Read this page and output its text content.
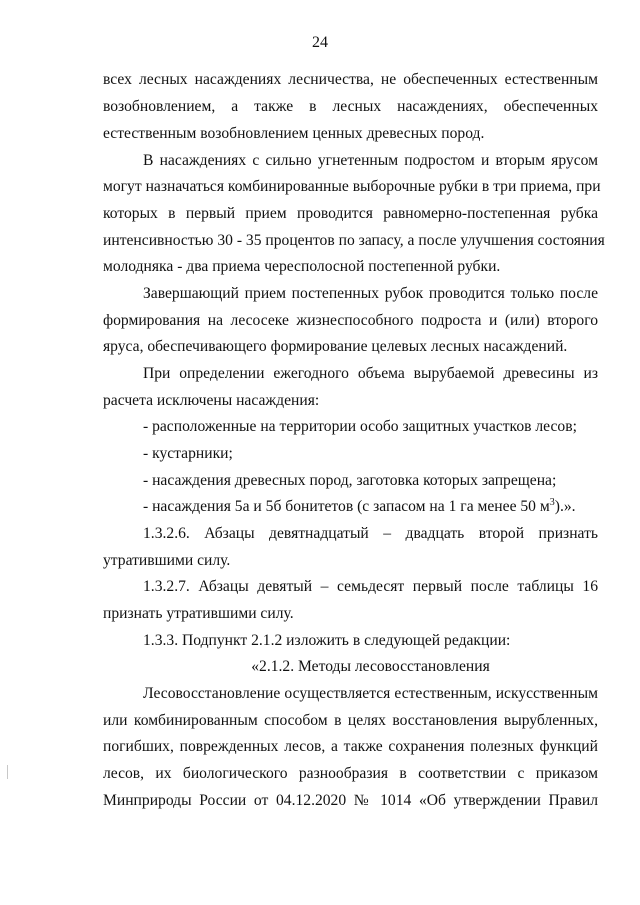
24
всех лесных насаждениях лесничества, не обеспеченных естественным
возобновлением, а также в лесных насаждениях, обеспеченных
естественным возобновлением ценных древесных пород.
В насаждениях с сильно угнетенным подростом и вторым ярусом
могут назначаться комбинированные выборочные рубки в три приема, при
которых в первый прием проводится равномерно-постепенная рубка
интенсивностью 30 - 35 процентов по запасу, а после улучшения состояния
молодняка - два приема чересполосной постепенной рубки.
Завершающий прием постепенных рубок проводится только после
формирования на лесосеке жизнеспособного подроста и (или) второго
яруса, обеспечивающего формирование целевых лесных насаждений.
При определении ежегодного объема вырубаемой древесины из
расчета исключены насаждения:
- расположенные на территории особо защитных участков лесов;
- кустарники;
- насаждения древесных пород, заготовка которых запрещена;
- насаждения 5а и 5б бонитетов (с запасом на 1 га менее 50 $м^3$).».
1.3.2.6. Абзацы девятнадцатый – двадцать второй признать
утратившими силу.
1.3.2.7. Абзацы девятый – семьдесят первый после таблицы 16
признать утратившими силу.
1.3.3. Подпункт 2.1.2 изложить в следующей редакции:
«2.1.2. Методы лесовосстановления
Лесовосстановление осуществляется естественным, искусственным
или комбинированным способом в целях восстановления вырубленных,
погибших, поврежденных лесов, а также сохранения полезных функций
лесов, их биологического разнообразия в соответствии с приказом
Минприроды России от 04.12.2020 № 1014 «Об утверждении Правил
